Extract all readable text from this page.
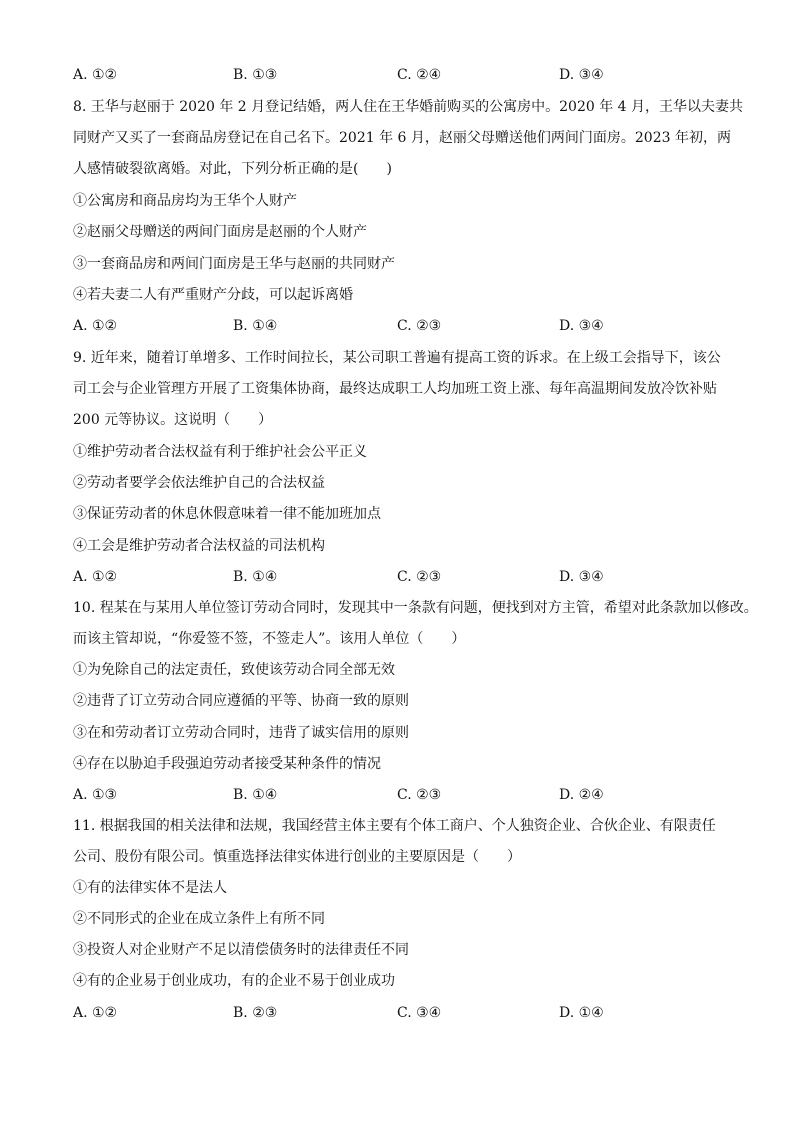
A. ①②	B. ①③	C. ②④	D. ③④
8. 王华与赵丽于 2020 年 2 月登记结婚，两人住在王华婚前购买的公寓房中。2020 年 4 月，王华以夫妻共
同财产又买了一套商品房登记在自己名下。2021 年 6 月，赵丽父母赠送他们两间门面房。2023 年初，两
人感情破裂欲离婚。对此，下列分析正确的是(　　)
①公寓房和商品房均为王华个人财产
②赵丽父母赠送的两间门面房是赵丽的个人财产
③一套商品房和两间门面房是王华与赵丽的共同财产
④若夫妻二人有严重财产分歧，可以起诉离婚
A. ①②	B. ①④	C. ②③	D. ③④
9. 近年来，随着订单增多、工作时间拉长，某公司职工普遍有提高工资的诉求。在上级工会指导下，该公
司工会与企业管理方开展了工资集体协商，最终达成职工人均加班工资上涨、每年高温期间发放冷饮补贴
200 元等协议。这说明（　　）
①维护劳动者合法权益有利于维护社会公平正义
②劳动者要学会依法维护自己的合法权益
③保证劳动者的休息休假意味着一律不能加班加点
④工会是维护劳动者合法权益的司法机构
A. ①②	B. ①④	C. ②③	D. ③④
10. 程某在与某用人单位签订劳动合同时，发现其中一条款有问题，便找到对方主管，希望对此条款加以修改。
而该主管却说，“你爱签不签，不签走人”。该用人单位（　　）
①为免除自己的法定责任，致使该劳动合同全部无效
②违背了订立劳动合同应遵循的平等、协商一致的原则
③在和劳动者订立劳动合同时，违背了诚实信用的原则
④存在以胁迫手段强迫劳动者接受某种条件的情况
A. ①③	B. ①④	C. ②③	D. ②④
11. 根据我国的相关法律和法规，我国经营主体主要有个体工商户、个人独资企业、合伙企业、有限责任
公司、股份有限公司。慎重选择法律实体进行创业的主要原因是（　　）
①有的法律实体不是法人
②不同形式的企业在成立条件上有所不同
③投资人对企业财产不足以清偿债务时的法律责任不同
④有的企业易于创业成功，有的企业不易于创业成功
A. ①②	B. ②③	C. ③④	D. ①④
